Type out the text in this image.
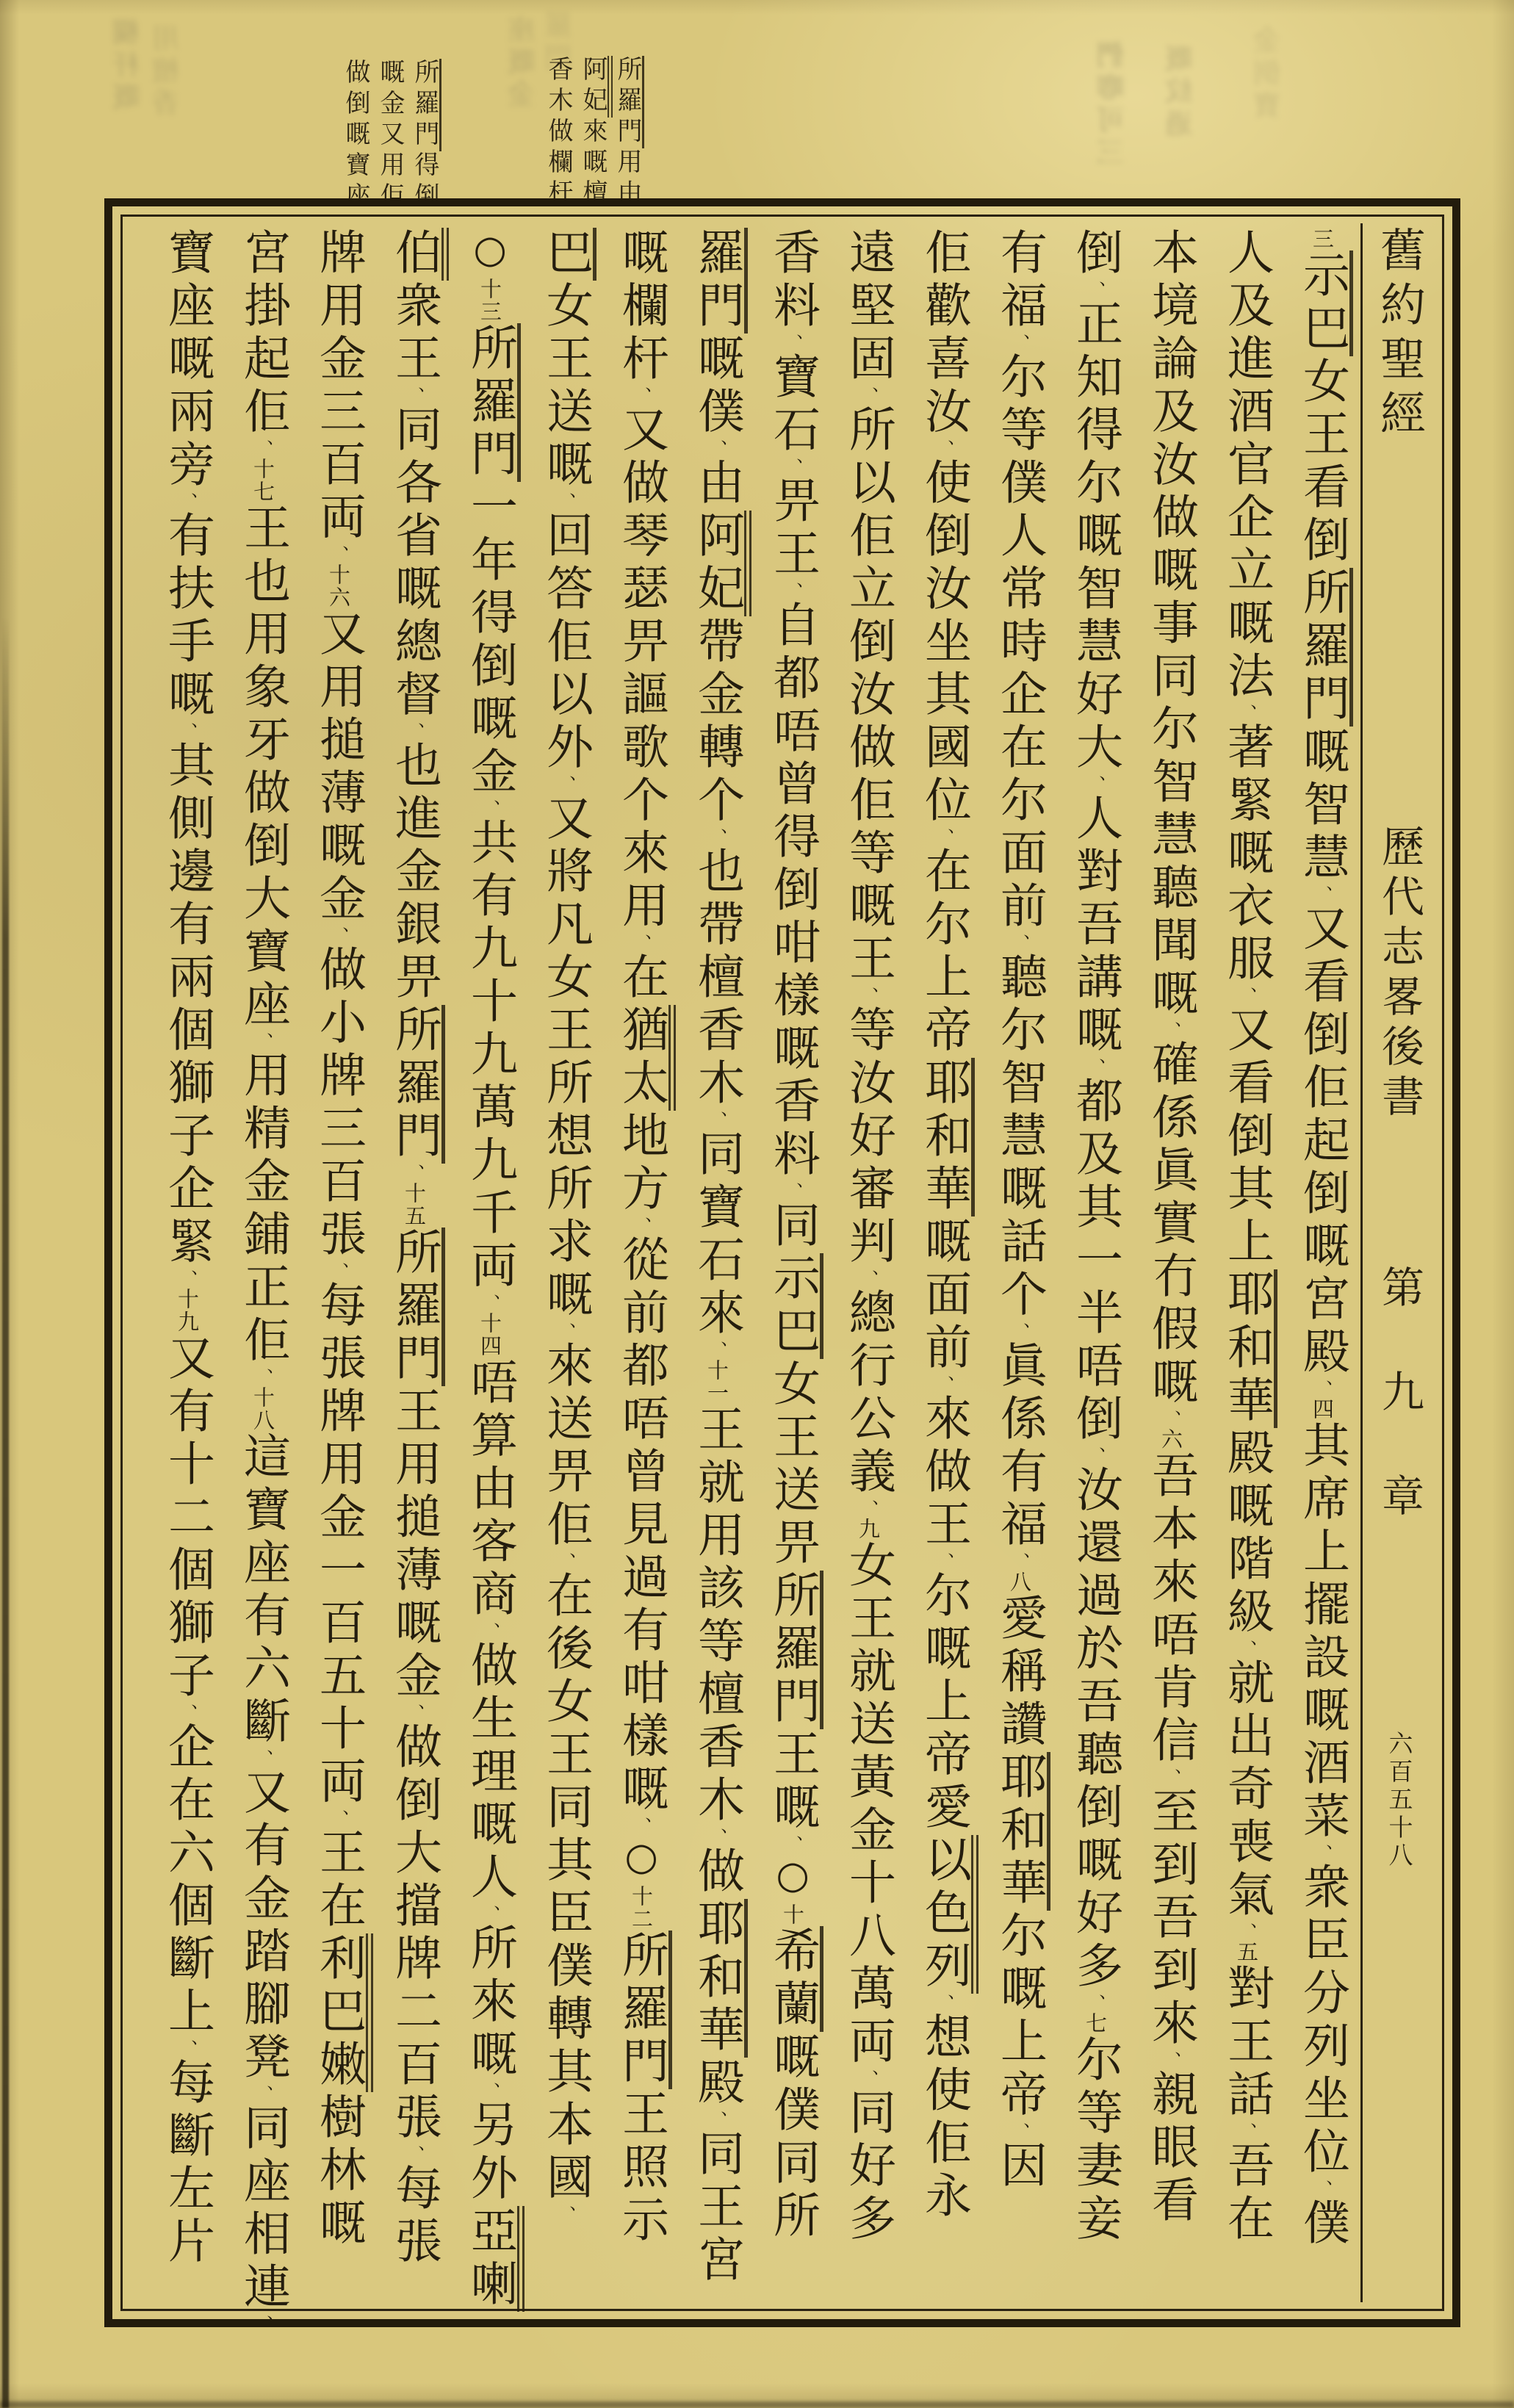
們喞可三 嘅紋過 金倒寶
欄杆嘅 用檀香	座嘅金 羅門
所羅門用由阿妃來嘅檀香木做欄杆
所羅門得倒嘅金又用佢做倒嘅寶座
舊約聖經
歷代志畧後書
第九章
六百五十八
三示巴女王看倒所羅門嘅智慧、又看倒佢起倒嘅宮殿、四其席上擺設嘅酒菜、衆臣分列坐位、僕
人及進酒官企立嘅法、著緊嘅衣服、又看倒其上耶和華殿嘅階級、就出奇喪氣、五對王話、吾在
本境論及汝做嘅事同尔智慧聽聞嘅、確係眞實冇假嘅、六吾本來唔肯信、至到吾到來、親眼看
倒、正知得尔嘅智慧好大、人對吾講嘅、都及其一半唔倒、汝還過於吾聽倒嘅好多、七尔等妻妾
有福、尔等僕人常時企在尔面前、聽尔智慧嘅話个、眞係有福、八愛稱讚耶和華尔嘅上帝、因
佢歡喜汝、使倒汝坐其國位、在尔上帝耶和華嘅面前、來做王、尔嘅上帝愛以色列、想使佢永
遠堅固、所以佢立倒汝做佢等嘅王、等汝好審判、總行公義、九女王就送黃金十八萬両、同好多
香料、寶石、畀王、自都唔曾得倒咁樣嘅香料、同示巴女王送畀所羅門王嘅、○十希蘭嘅僕同所
羅門嘅僕、由阿妃帶金轉个、也帶檀香木、同寶石來、十一王就用該等檀香木、做耶和華殿、同王宮
嘅欄杆、又做琴瑟畀謳歌个來用、在猶太地方、從前都唔曾見過有咁樣嘅、○十二所羅門王照示
巴女王送嘅、回答佢以外、又將凡女王所想所求嘅、來送畀佢、在後女王同其臣僕轉其本國、
○十三所羅門一年得倒嘅金、共有九十九萬九千両、十四唔算由客商、做生理嘅人、所來嘅、另外亞喇
伯衆王、同各省嘅總督、也進金銀畀所羅門、十五所羅門王用搥薄嘅金、做倒大擋牌二百張、每張
牌用金三百両、十六又用搥薄嘅金、做小牌三百張、每張牌用金一百五十両、王在利巴嫩樹林嘅
宮掛起佢、十七王也用象牙做倒大寶座、用精金鋪正佢、十八這寶座有六斷、又有金踏腳凳、同座相連、
寶座嘅兩旁、有扶手嘅、其側邊有兩個獅子企緊、十九又有十二個獅子、企在六個斷上、每斷左片
